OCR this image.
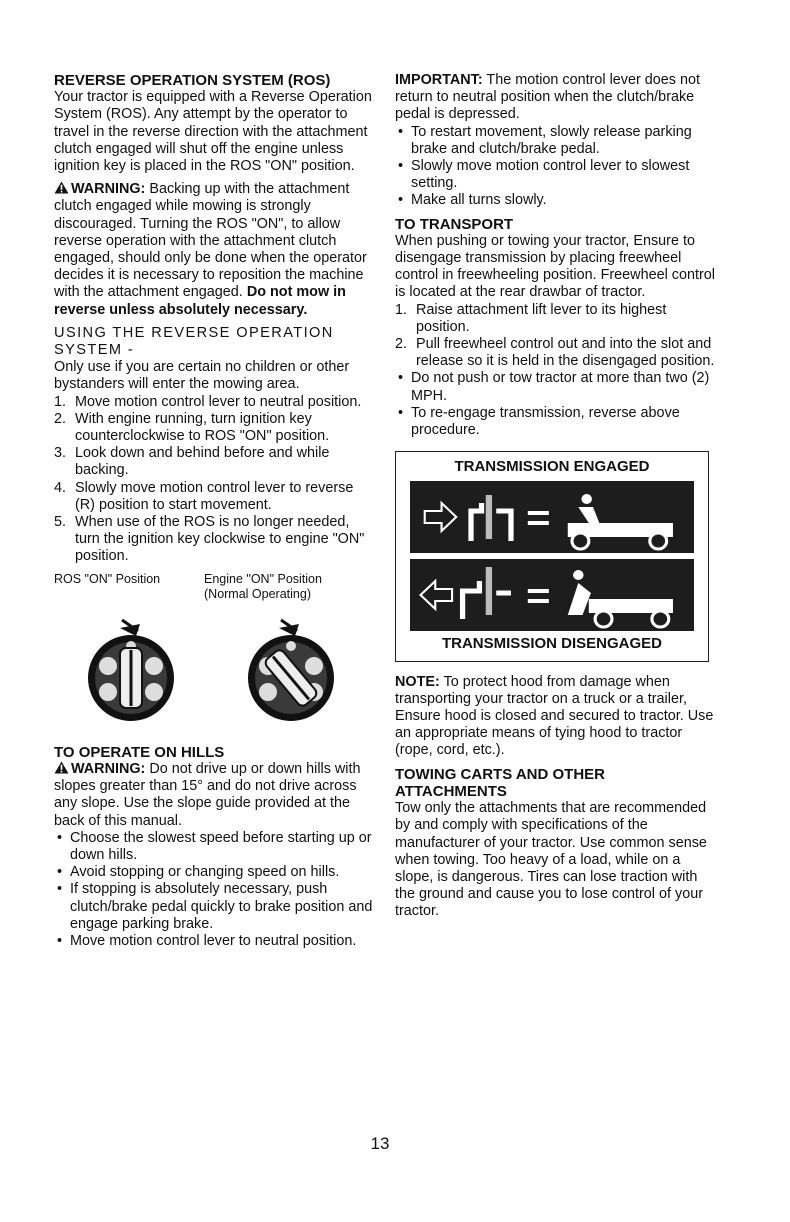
REVERSE OPERATION SYSTEM (ROS)

Your tractor is equipped with a Reverse Operation System (ROS). Any attempt by the operator to travel in the reverse direction with the attachment clutch engaged will shut off the engine unless ignition key is placed in the ROS "ON" position.

WARNING: Backing up with the attachment clutch engaged while mowing is strongly discouraged. Turning the ROS "ON", to allow reverse operation with the attachment clutch engaged, should only be done when the operator decides it is necessary to reposition the machine with the attachment engaged. Do not mow in reverse unless absolutely necessary.

USING THE REVERSE OPERATION SYSTEM -

Only use if you are certain no children or other bystanders will enter the mowing area.

1. Move motion control lever to neutral position.
2. With engine running, turn ignition key counterclockwise to ROS "ON" position.
3. Look down and behind before and while backing.
4. Slowly move motion control lever to reverse (R) position to start movement.
5. When use of the ROS is no longer needed, turn the ignition key clockwise to engine "ON" position.
ROS "ON" Position	Engine "ON" Position (Normal Operating)

TO OPERATE ON HILLS

WARNING: Do not drive up or down hills with slopes greater than 15° and do not drive across any slope. Use the slope guide provided at the back of this manual.

• Choose the slowest speed before starting up or down hills.
• Avoid stopping or changing speed on hills.
• If stopping is absolutely necessary, push clutch/brake pedal quickly to brake position and engage parking brake.
• Move motion control lever to neutral position.

IMPORTANT: The motion control lever does not return to neutral position when the clutch/brake pedal is depressed.

• To restart movement, slowly release parking brake and clutch/brake pedal.
• Slowly move motion control lever to slowest setting.
• Make all turns slowly.

TO TRANSPORT

When pushing or towing your tractor, Ensure to disengage transmission by placing freewheel control in freewheeling position. Freewheel control is located at the rear drawbar of tractor.

1. Raise attachment lift lever to its highest position.
2. Pull freewheel control out and into the slot and release so it is held in the disengaged position.
• Do not push or tow tractor at more than two (2) MPH.
• To re-engage transmission, reverse above procedure.
TRANSMISSION ENGAGED
TRANSMISSION DISENGAGED

NOTE: To protect hood from damage when transporting your tractor on a truck or a trailer, Ensure hood is closed and secured to tractor. Use an appropriate means of tying hood to tractor (rope, cord, etc.).

TOWING CARTS AND OTHER ATTACHMENTS

Tow only the attachments that are recommended by and comply with specifications of the manufacturer of your tractor. Use common sense when towing. Too heavy of a load, while on a slope, is dangerous. Tires can lose traction with the ground and cause you to lose control of your tractor.

13
